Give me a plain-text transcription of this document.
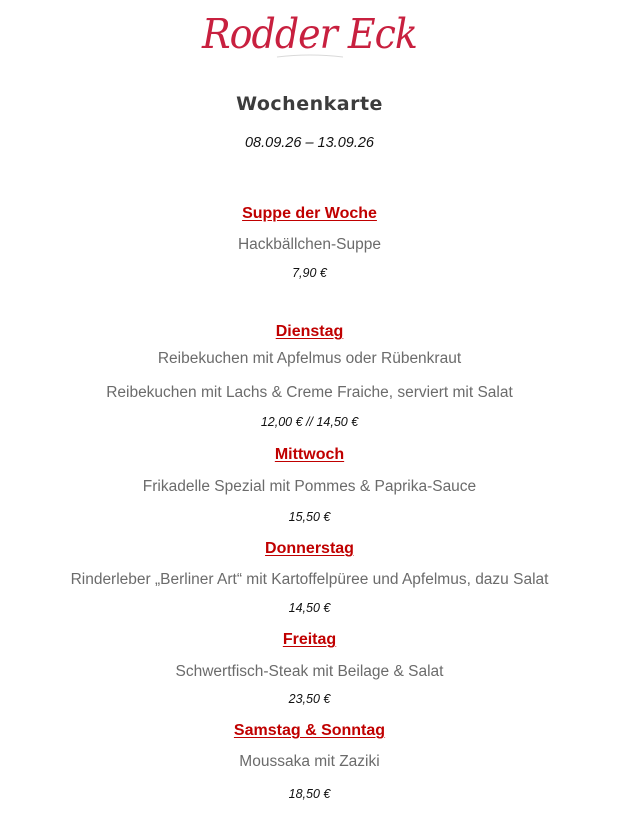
Rodder Eck
Wochenkarte
08.09.26 – 13.09.26
Suppe der Woche
Hackbällchen-Suppe
7,90 €
Dienstag
Reibekuchen mit Apfelmus oder Rübenkraut
Reibekuchen mit Lachs & Creme Fraiche, serviert mit Salat
12,00 € // 14,50 €
Mittwoch
Frikadelle Spezial mit Pommes & Paprika-Sauce
15,50 €
Donnerstag
Rinderleber „Berliner Art“ mit Kartoffelpüree und Apfelmus, dazu Salat
14,50 €
Freitag
Schwertfisch-Steak mit Beilage & Salat
23,50 €
Samstag & Sonntag
Moussaka mit Zaziki
18,50 €
